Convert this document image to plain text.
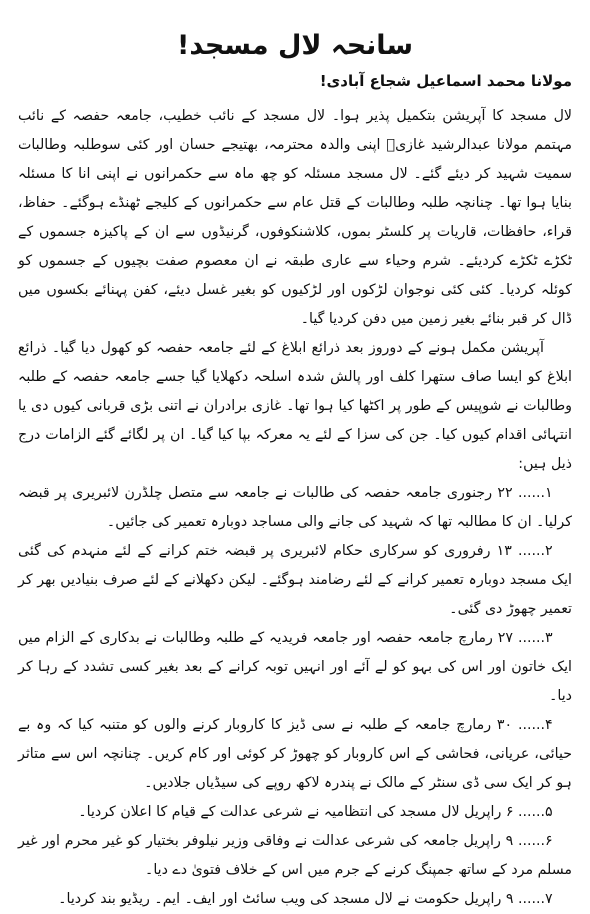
سانحہ لال مسجد!
مولانا محمد اسماعیل شجاع آبادی!

لال مسجد کا آپریشن بتکمیل پذیر ہوا۔ لال مسجد کے نائب خطیب، جامعہ حفصہ کے نائب مہتمم مولانا عبدالرشید غازیؒ اپنی والدہ محترمہ، بھتیجے حسان اور کئی سوطلبہ وطالبات سمیت شہید کر دیئے گئے۔ لال مسجد مسئلہ کو چھ ماہ سے حکمرانوں نے اپنی انا کا مسئلہ بنایا ہوا تھا۔ چنانچہ طلبہ وطالبات کے قتل عام سے حکمرانوں کے کلیجے ٹھنڈے ہوگئے۔ حفاظ، قراء، حافظات، قاریات پر کلسٹر بموں، کلاشنکوفوں، گرنیڈوں سے ان کے پاکیزہ جسموں کے ٹکڑے ٹکڑے کردیئے۔ شرم وحیاء سے عاری طبقہ نے ان معصوم صفت بچیوں کے جسموں کو کوئلہ کردیا۔ کئی کئی نوجوان لڑکوں اور لڑکیوں کو بغیر غسل دیئے، کفن پہنائے بکسوں میں ڈال کر قبر بنائے بغیر زمین میں دفن کردیا گیا۔

آپریشن مکمل ہونے کے دوروز بعد ذرائع ابلاغ کے لئے جامعہ حفصہ کو کھول دیا گیا۔ ذرائع ابلاغ کو ایسا صاف ستھرا کلف اور پالش شدہ اسلحہ دکھلایا گیا جسے جامعہ حفصہ کے طلبہ وطالبات نے شوپیس کے طور پر اکٹھا کیا ہوا تھا۔ غازی برادران نے اتنی بڑی قربانی کیوں دی یا انتہائی اقدام کیوں کیا۔ جن کی سزا کے لئے یہ معرکہ بپا کیا گیا۔ ان پر لگائے گئے الزامات درج ذیل ہیں:

......۱ ۲۲ رجنوری جامعہ حفصہ کی طالبات نے جامعہ سے متصل چلڈرن لائبریری پر قبضہ کرلیا۔ ان کا مطالبہ تھا کہ شہید کی جانے والی مساجد دوبارہ تعمیر کی جائیں۔

......۲ ۱۳ رفروری کو سرکاری حکام لائبریری پر قبضہ ختم کرانے کے لئے منہدم کی گئی ایک مسجد دوبارہ تعمیر کرانے کے لئے رضامند ہوگئے۔ لیکن دکھلانے کے لئے صرف بنیادیں بھر کر تعمیر چھوڑ دی گئی۔

......۳ ۲۷ رمارچ جامعہ حفصہ اور جامعہ فریدیہ کے طلبہ وطالبات نے بدکاری کے الزام میں ایک خاتون اور اس کی بہو کو لے آئے اور انہیں توبہ کرانے کے بعد بغیر کسی تشدد کے رہا کر دیا۔

......۴ ۳۰ رمارچ جامعہ کے طلبہ نے سی ڈیز کا کاروبار کرنے والوں کو متنبہ کیا کہ وہ بے حیائی، عریانی، فحاشی کے اس کاروبار کو چھوڑ کر کوئی اور کام کریں۔ چنانچہ اس سے متاثر ہو کر ایک سی ڈی سنٹر کے مالک نے پندرہ لاکھ روپے کی سیڈیاں جلادیں۔

......۵ ۶ راپریل لال مسجد کی انتظامیہ نے شرعی عدالت کے قیام کا اعلان کردیا۔

......۶ ۹ راپریل جامعہ کی شرعی عدالت نے وفاقی وزیر نیلوفر بختیار کو غیر محرم اور غیر مسلم مرد کے ساتھ جمپنگ کرنے کے جرم میں اس کے خلاف فتویٰ دے دیا۔

......۷ ۹ راپریل حکومت نے لال مسجد کی ویب سائٹ اور ایف۔ ایم۔ ریڈیو بند کردیا۔
